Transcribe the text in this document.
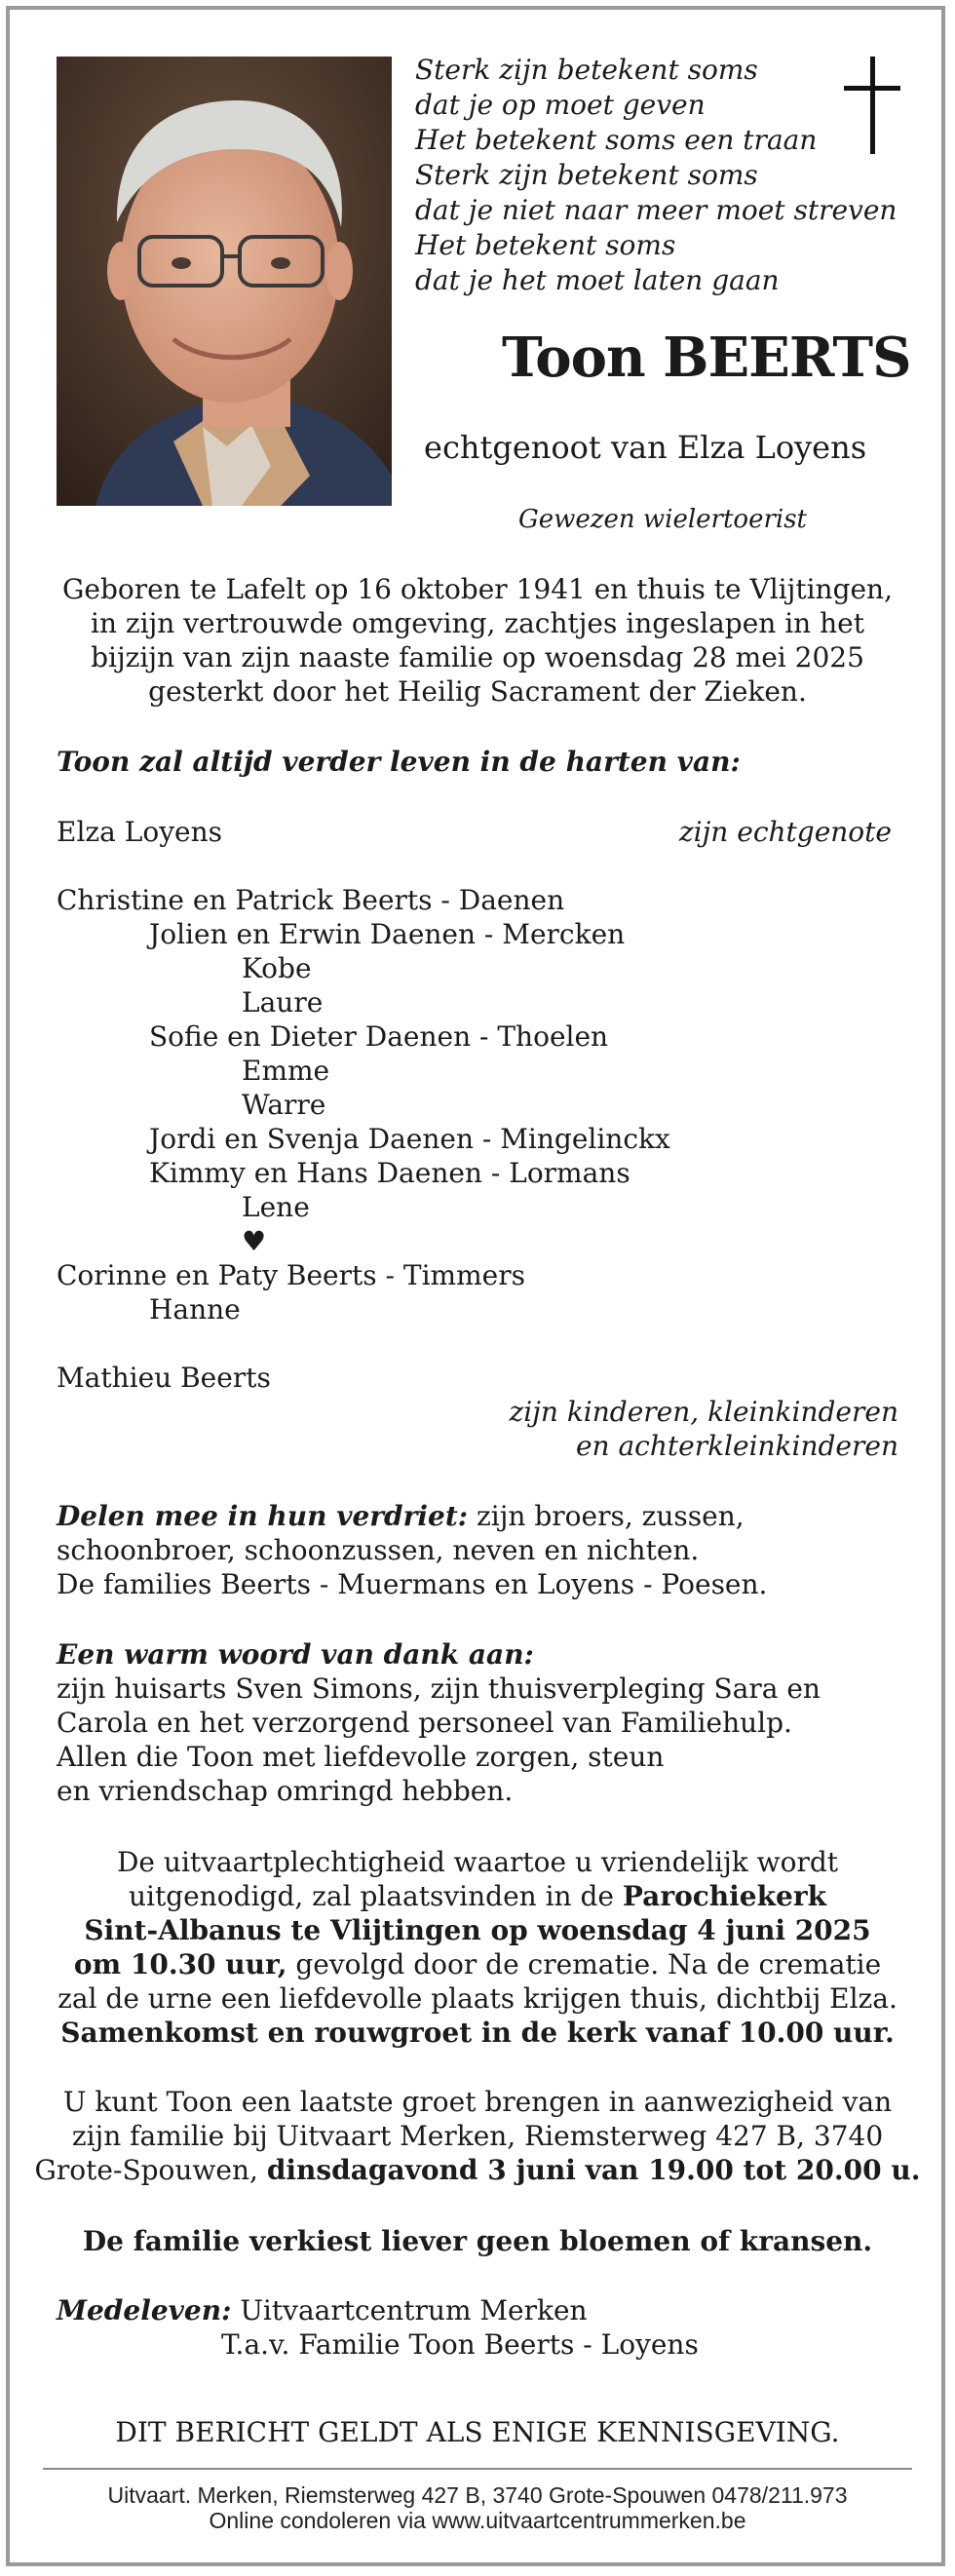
Sterk zijn betekent soms
dat je op moet geven
Het betekent soms een traan
Sterk zijn betekent soms
dat je niet naar meer moet streven
Het betekent soms
dat je het moet laten gaan
Toon BEERTS
echtgenoot van Elza Loyens
Gewezen wielertoerist
Geboren te Lafelt op 16 oktober 1941 en thuis te Vlijtingen,
in zijn vertrouwde omgeving, zachtjes ingeslapen in het
bijzijn van zijn naaste familie op woensdag 28 mei 2025
gesterkt door het Heilig Sacrament der Zieken.
Toon zal altijd verder leven in de harten van:
Elza Loyens	zijn echtgenote
Christine en Patrick Beerts - Daenen
Jolien en Erwin Daenen - Mercken
Kobe
Laure
Sofie en Dieter Daenen - Thoelen
Emme
Warre
Jordi en Svenja Daenen - Mingelinckx
Kimmy en Hans Daenen - Lormans
Lene
♥
Corinne en Paty Beerts - Timmers
Hanne
Mathieu Beerts
zijn kinderen, kleinkinderen
en achterkleinkinderen
Delen mee in hun verdriet: zijn broers, zussen,
schoonbroer, schoonzussen, neven en nichten.
De families Beerts - Muermans en Loyens - Poesen.
Een warm woord van dank aan:
zijn huisarts Sven Simons, zijn thuisverpleging Sara en
Carola en het verzorgend personeel van Familiehulp.
Allen die Toon met liefdevolle zorgen, steun
en vriendschap omringd hebben.
De uitvaartplechtigheid waartoe u vriendelijk wordt
uitgenodigd, zal plaatsvinden in de Parochiekerk
Sint-Albanus te Vlijtingen op woensdag 4 juni 2025
om 10.30 uur, gevolgd door de crematie. Na de crematie
zal de urne een liefdevolle plaats krijgen thuis, dichtbij Elza.
Samenkomst en rouwgroet in de kerk vanaf 10.00 uur.
U kunt Toon een laatste groet brengen in aanwezigheid van
zijn familie bij Uitvaart Merken, Riemsterweg 427 B, 3740
Grote-Spouwen, dinsdagavond 3 juni van 19.00 tot 20.00 u.
De familie verkiest liever geen bloemen of kransen.
Medeleven: Uitvaartcentrum Merken
T.a.v. Familie Toon Beerts - Loyens
DIT BERICHT GELDT ALS ENIGE KENNISGEVING.
Uitvaart. Merken, Riemsterweg 427 B, 3740 Grote-Spouwen 0478/211.973
Online condoleren via www.uitvaartcentrummerken.be
